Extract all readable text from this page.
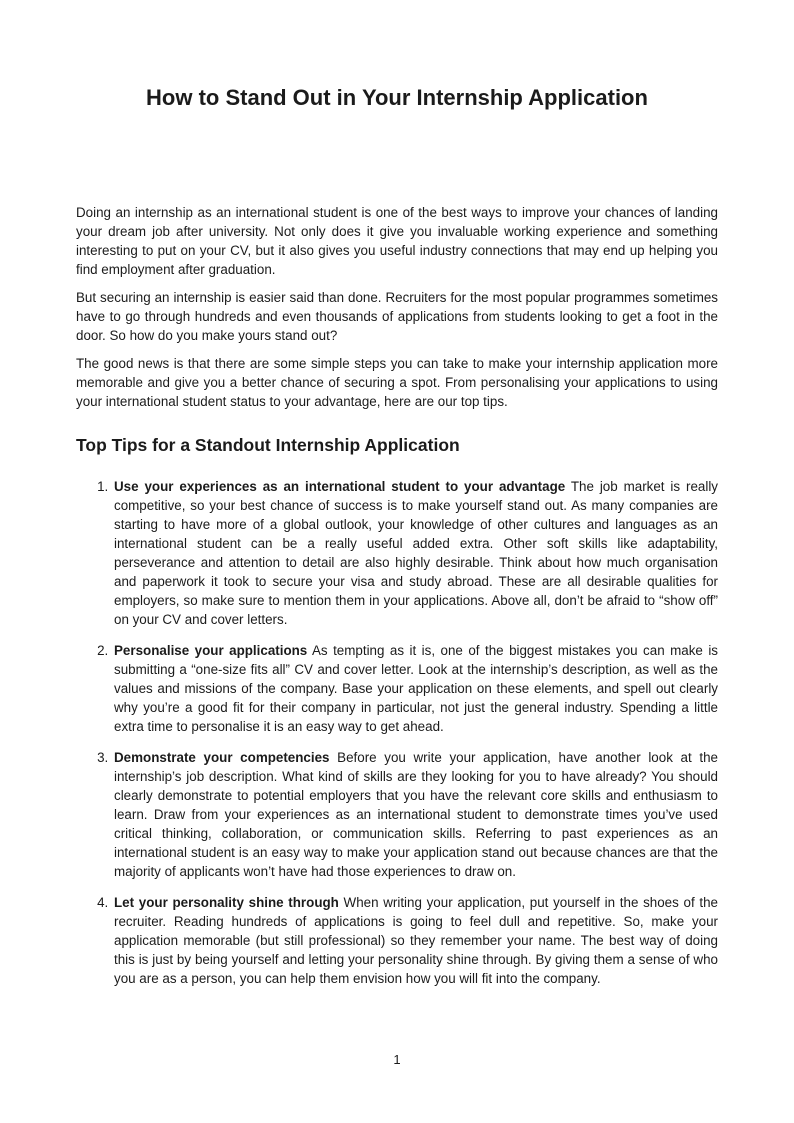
How to Stand Out in Your Internship Application

Doing an internship as an international student is one of the best ways to improve your chances of landing your dream job after university. Not only does it give you invaluable working experience and something interesting to put on your CV, but it also gives you useful industry connections that may end up helping you find employment after graduation.

But securing an internship is easier said than done. Recruiters for the most popular programmes sometimes have to go through hundreds and even thousands of applications from students looking to get a foot in the door. So how do you make yours stand out?

The good news is that there are some simple steps you can take to make your internship application more memorable and give you a better chance of securing a spot. From personalising your applications to using your international student status to your advantage, here are our top tips.

Top Tips for a Standout Internship Application
1. Use your experiences as an international student to your advantage The job market is really competitive, so your best chance of success is to make yourself stand out. As many companies are starting to have more of a global outlook, your knowledge of other cultures and languages as an international student can be a really useful added extra. Other soft skills like adaptability, perseverance and attention to detail are also highly desirable. Think about how much organisation and paperwork it took to secure your visa and study abroad. These are all desirable qualities for employers, so make sure to mention them in your applications. Above all, don’t be afraid to “show off” on your CV and cover letters.
2. Personalise your applications As tempting as it is, one of the biggest mistakes you can make is submitting a “one-size fits all” CV and cover letter. Look at the internship’s description, as well as the values and missions of the company. Base your application on these elements, and spell out clearly why you’re a good fit for their company in particular, not just the general industry. Spending a little extra time to personalise it is an easy way to get ahead.
3. Demonstrate your competencies Before you write your application, have another look at the internship’s job description. What kind of skills are they looking for you to have already? You should clearly demonstrate to potential employers that you have the relevant core skills and enthusiasm to learn. Draw from your experiences as an international student to demonstrate times you’ve used critical thinking, collaboration, or communication skills. Referring to past experiences as an international student is an easy way to make your application stand out because chances are that the majority of applicants won’t have had those experiences to draw on.
4. Let your personality shine through When writing your application, put yourself in the shoes of the recruiter. Reading hundreds of applications is going to feel dull and repetitive. So, make your application memorable (but still professional) so they remember your name. The best way of doing this is just by being yourself and letting your personality shine through. By giving them a sense of who you are as a person, you can help them envision how you will fit into the company.
1
